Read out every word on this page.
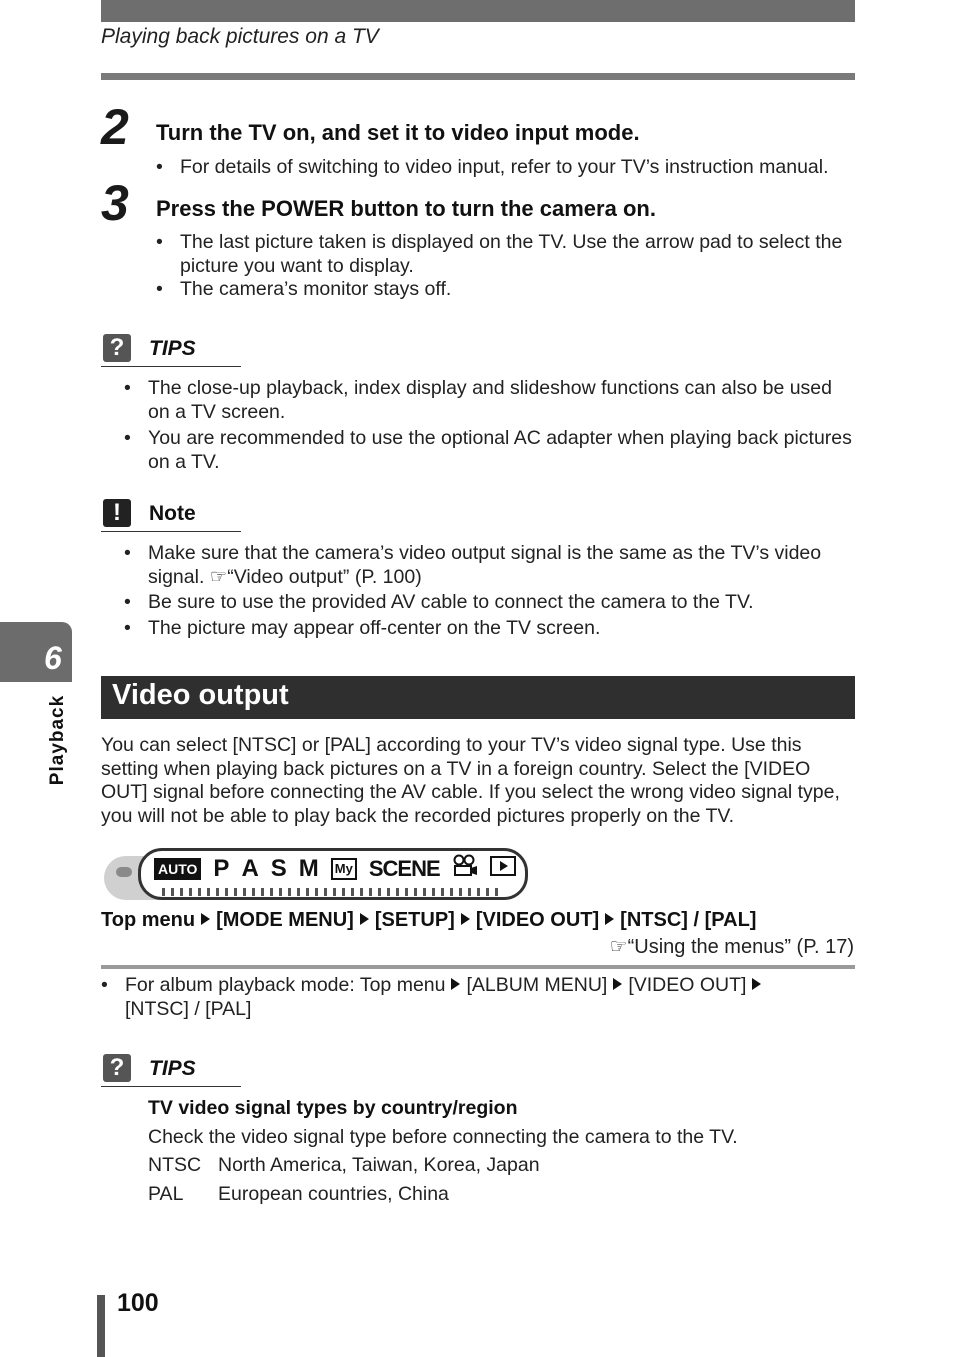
Playing back pictures on a TV
2 Turn the TV on, and set it to video input mode.
• For details of switching to video input, refer to your TV’s instruction manual.
3 Press the POWER button to turn the camera on.
• The last picture taken is displayed on the TV. Use the arrow pad to select the picture you want to display.
• The camera’s monitor stays off.
?	TIPS
• The close-up playback, index display and slideshow functions can also be used on a TV screen.
• You are recommended to use the optional AC adapter when playing back pictures on a TV.
!	Note
• Make sure that the camera’s video output signal is the same as the TV’s video signal. ☞“Video output” (P. 100)
• Be sure to use the provided AV cable to connect the camera to the TV.
• The picture may appear off-center on the TV screen.
6
Playback Video output
You can select [NTSC] or [PAL] according to your TV’s video signal type. Use this setting when playing back pictures on a TV in a foreign country. Select the [VIDEO OUT] signal before connecting the AV cable. If you select the wrong video signal type, you will not be able to play back the recorded pictures properly on the TV.
AUTO P A S M	My SCENE
Top menu [MODE MENU] [SETUP] [VIDEO OUT] [NTSC] / [PAL]
☞“Using the menus” (P. 17)
• For album playback mode: Top menu [ALBUM MENU] [VIDEO OUT]
[NTSC] / [PAL]
?	TIPS
TV video signal types by country/region
Check the video signal type before connecting the camera to the TV.
NTSC North America, Taiwan, Korea, Japan
PAL European countries, China
100
